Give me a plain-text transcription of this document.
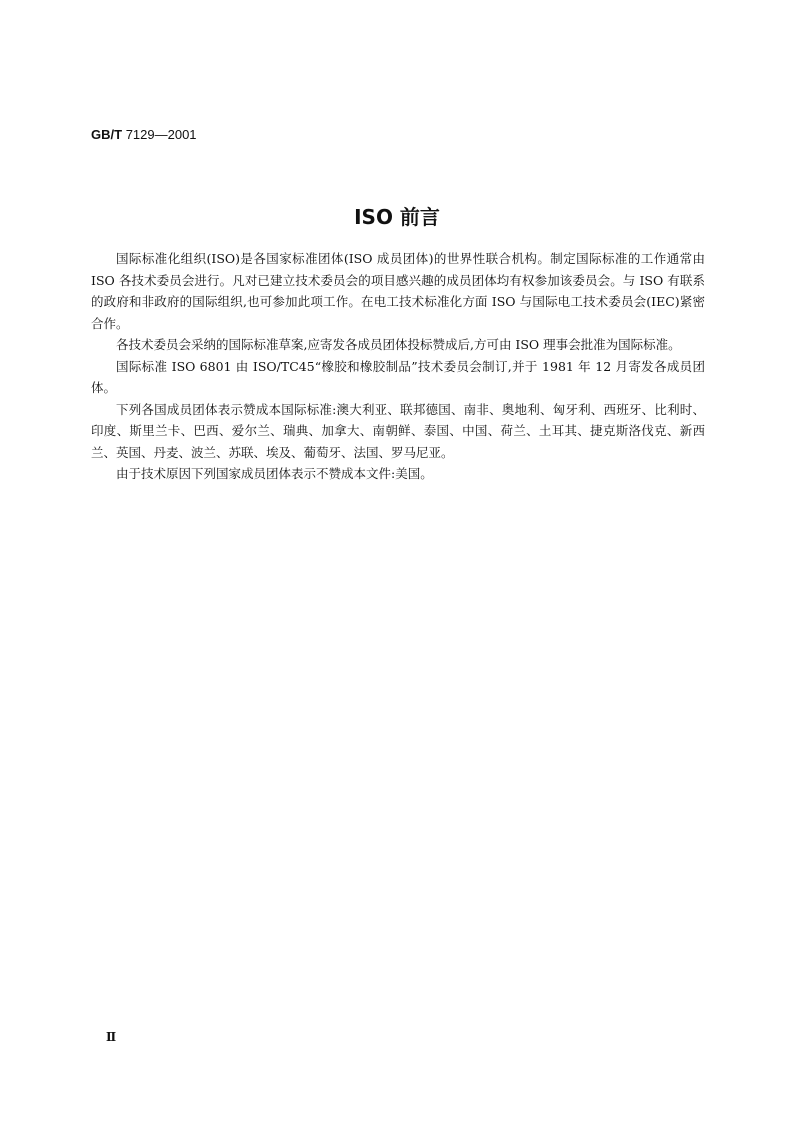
GB/T 7129—2001
ISO 前言

国际标准化组织(ISO)是各国家标准团体(ISO 成员团体)的世界性联合机构。制定国际标准的工作通常由 ISO 各技术委员会进行。凡对已建立技术委员会的项目感兴趣的成员团体均有权参加该委员会。与 ISO 有联系的政府和非政府的国际组织,也可参加此项工作。在电工技术标准化方面 ISO 与国际电工技术委员会(IEC)紧密合作。

各技术委员会采纳的国际标准草案,应寄发各成员团体投标赞成后,方可由 ISO 理事会批准为国际标准。

国际标准 ISO 6801 由 ISO/TC45“橡胶和橡胶制品”技术委员会制订,并于 1981 年 12 月寄发各成员团体。

下列各国成员团体表示赞成本国际标准:澳大利亚、联邦德国、南非、奥地利、匈牙利、西班牙、比利时、印度、斯里兰卡、巴西、爱尔兰、瑞典、加拿大、南朝鲜、泰国、中国、荷兰、土耳其、捷克斯洛伐克、新西兰、英国、丹麦、波兰、苏联、埃及、葡萄牙、法国、罗马尼亚。

由于技术原因下列国家成员团体表示不赞成本文件:美国。

Ⅱ
